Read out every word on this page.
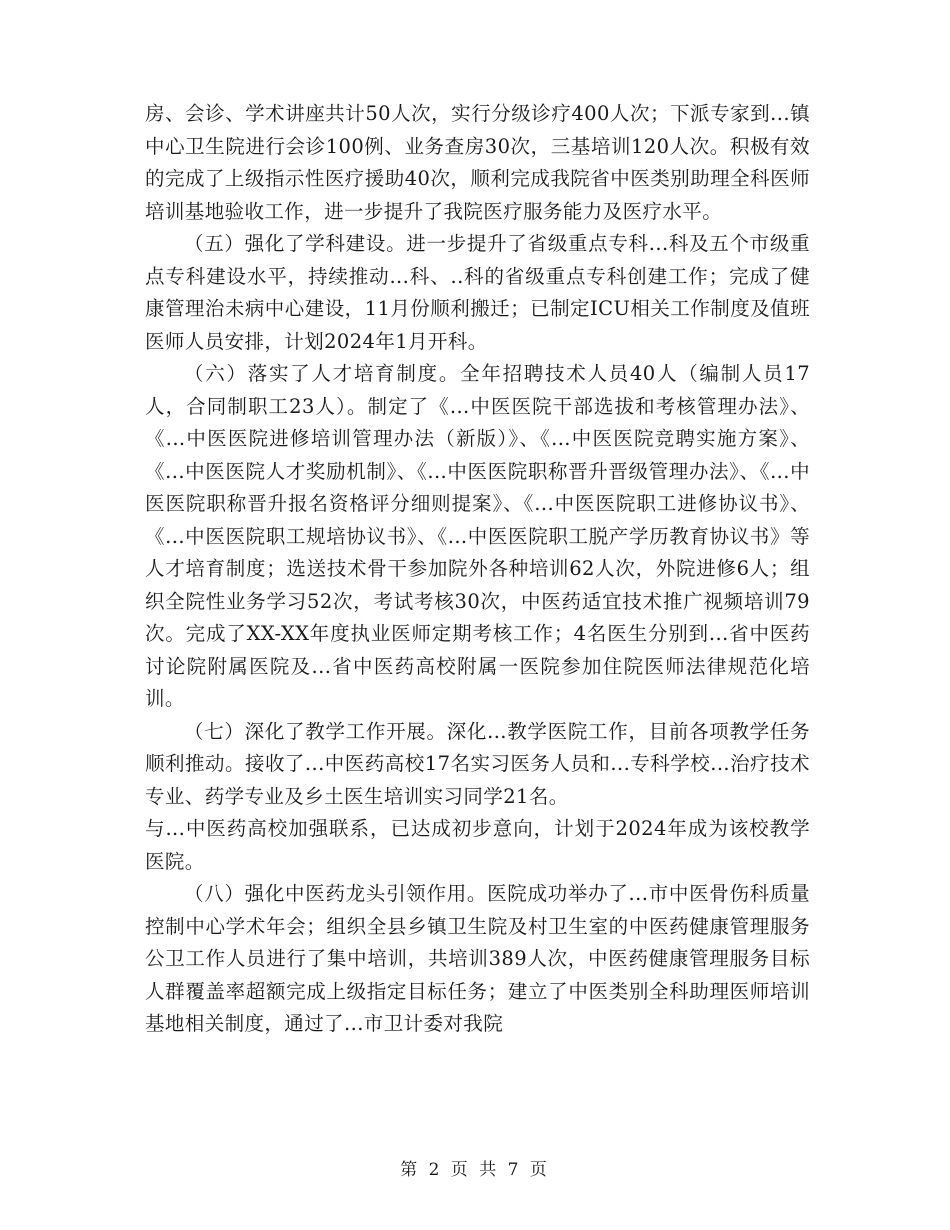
房、会诊、学术讲座共计50人次，实行分级诊疗400人次；下派专家到...镇中心卫生院进行会诊100例、业务查房30次，三基培训120人次。积极有效的完成了上级指示性医疗援助40次，顺利完成我院省中医类别助理全科医师培训基地验收工作，进一步提升了我院医疗服务能力及医疗水平。

（五）强化了学科建设。进一步提升了省级重点专科...科及五个市级重点专科建设水平，持续推动...科、..科的省级重点专科创建工作；完成了健康管理治未病中心建设，11月份顺利搬迁；已制定ICU相关工作制度及值班医师人员安排，计划2024年1月开科。

（六）落实了人才培育制度。全年招聘技术人员40人（编制人员17人，合同制职工23人）。制定了《...中医医院干部选拔和考核管理办法》、《...中医医院进修培训管理办法（新版）》、《...中医医院竞聘实施方案》、《...中医医院人才奖励机制》、《...中医医院职称晋升晋级管理办法》、《...中医医院职称晋升报名资格评分细则提案》、《...中医医院职工进修协议书》、《...中医医院职工规培协议书》、《...中医医院职工脱产学历教育协议书》等人才培育制度；选送技术骨干参加院外各种培训62人次，外院进修6人；组织全院性业务学习52次，考试考核30次，中医药适宜技术推广视频培训79次。完成了XX-XX年度执业医师定期考核工作；4名医生分别到...省中医药讨论院附属医院及...省中医药高校附属一医院参加住院医师法律规范化培训。

（七）深化了教学工作开展。深化...教学医院工作，目前各项教学任务顺利推动。接收了...中医药高校17名实习医务人员和...专科学校...治疗技术专业、药学专业及乡土医生培训实习同学21名。

与...中医药高校加强联系，已达成初步意向，计划于2024年成为该校教学医院。

（八）强化中医药龙头引领作用。医院成功举办了...市中医骨伤科质量控制中心学术年会；组织全县乡镇卫生院及村卫生室的中医药健康管理服务公卫工作人员进行了集中培训，共培训389人次，中医药健康管理服务目标人群覆盖率超额完成上级指定目标任务；建立了中医类别全科助理医师培训基地相关制度，通过了...市卫计委对我院

第 2 页 共 7 页
